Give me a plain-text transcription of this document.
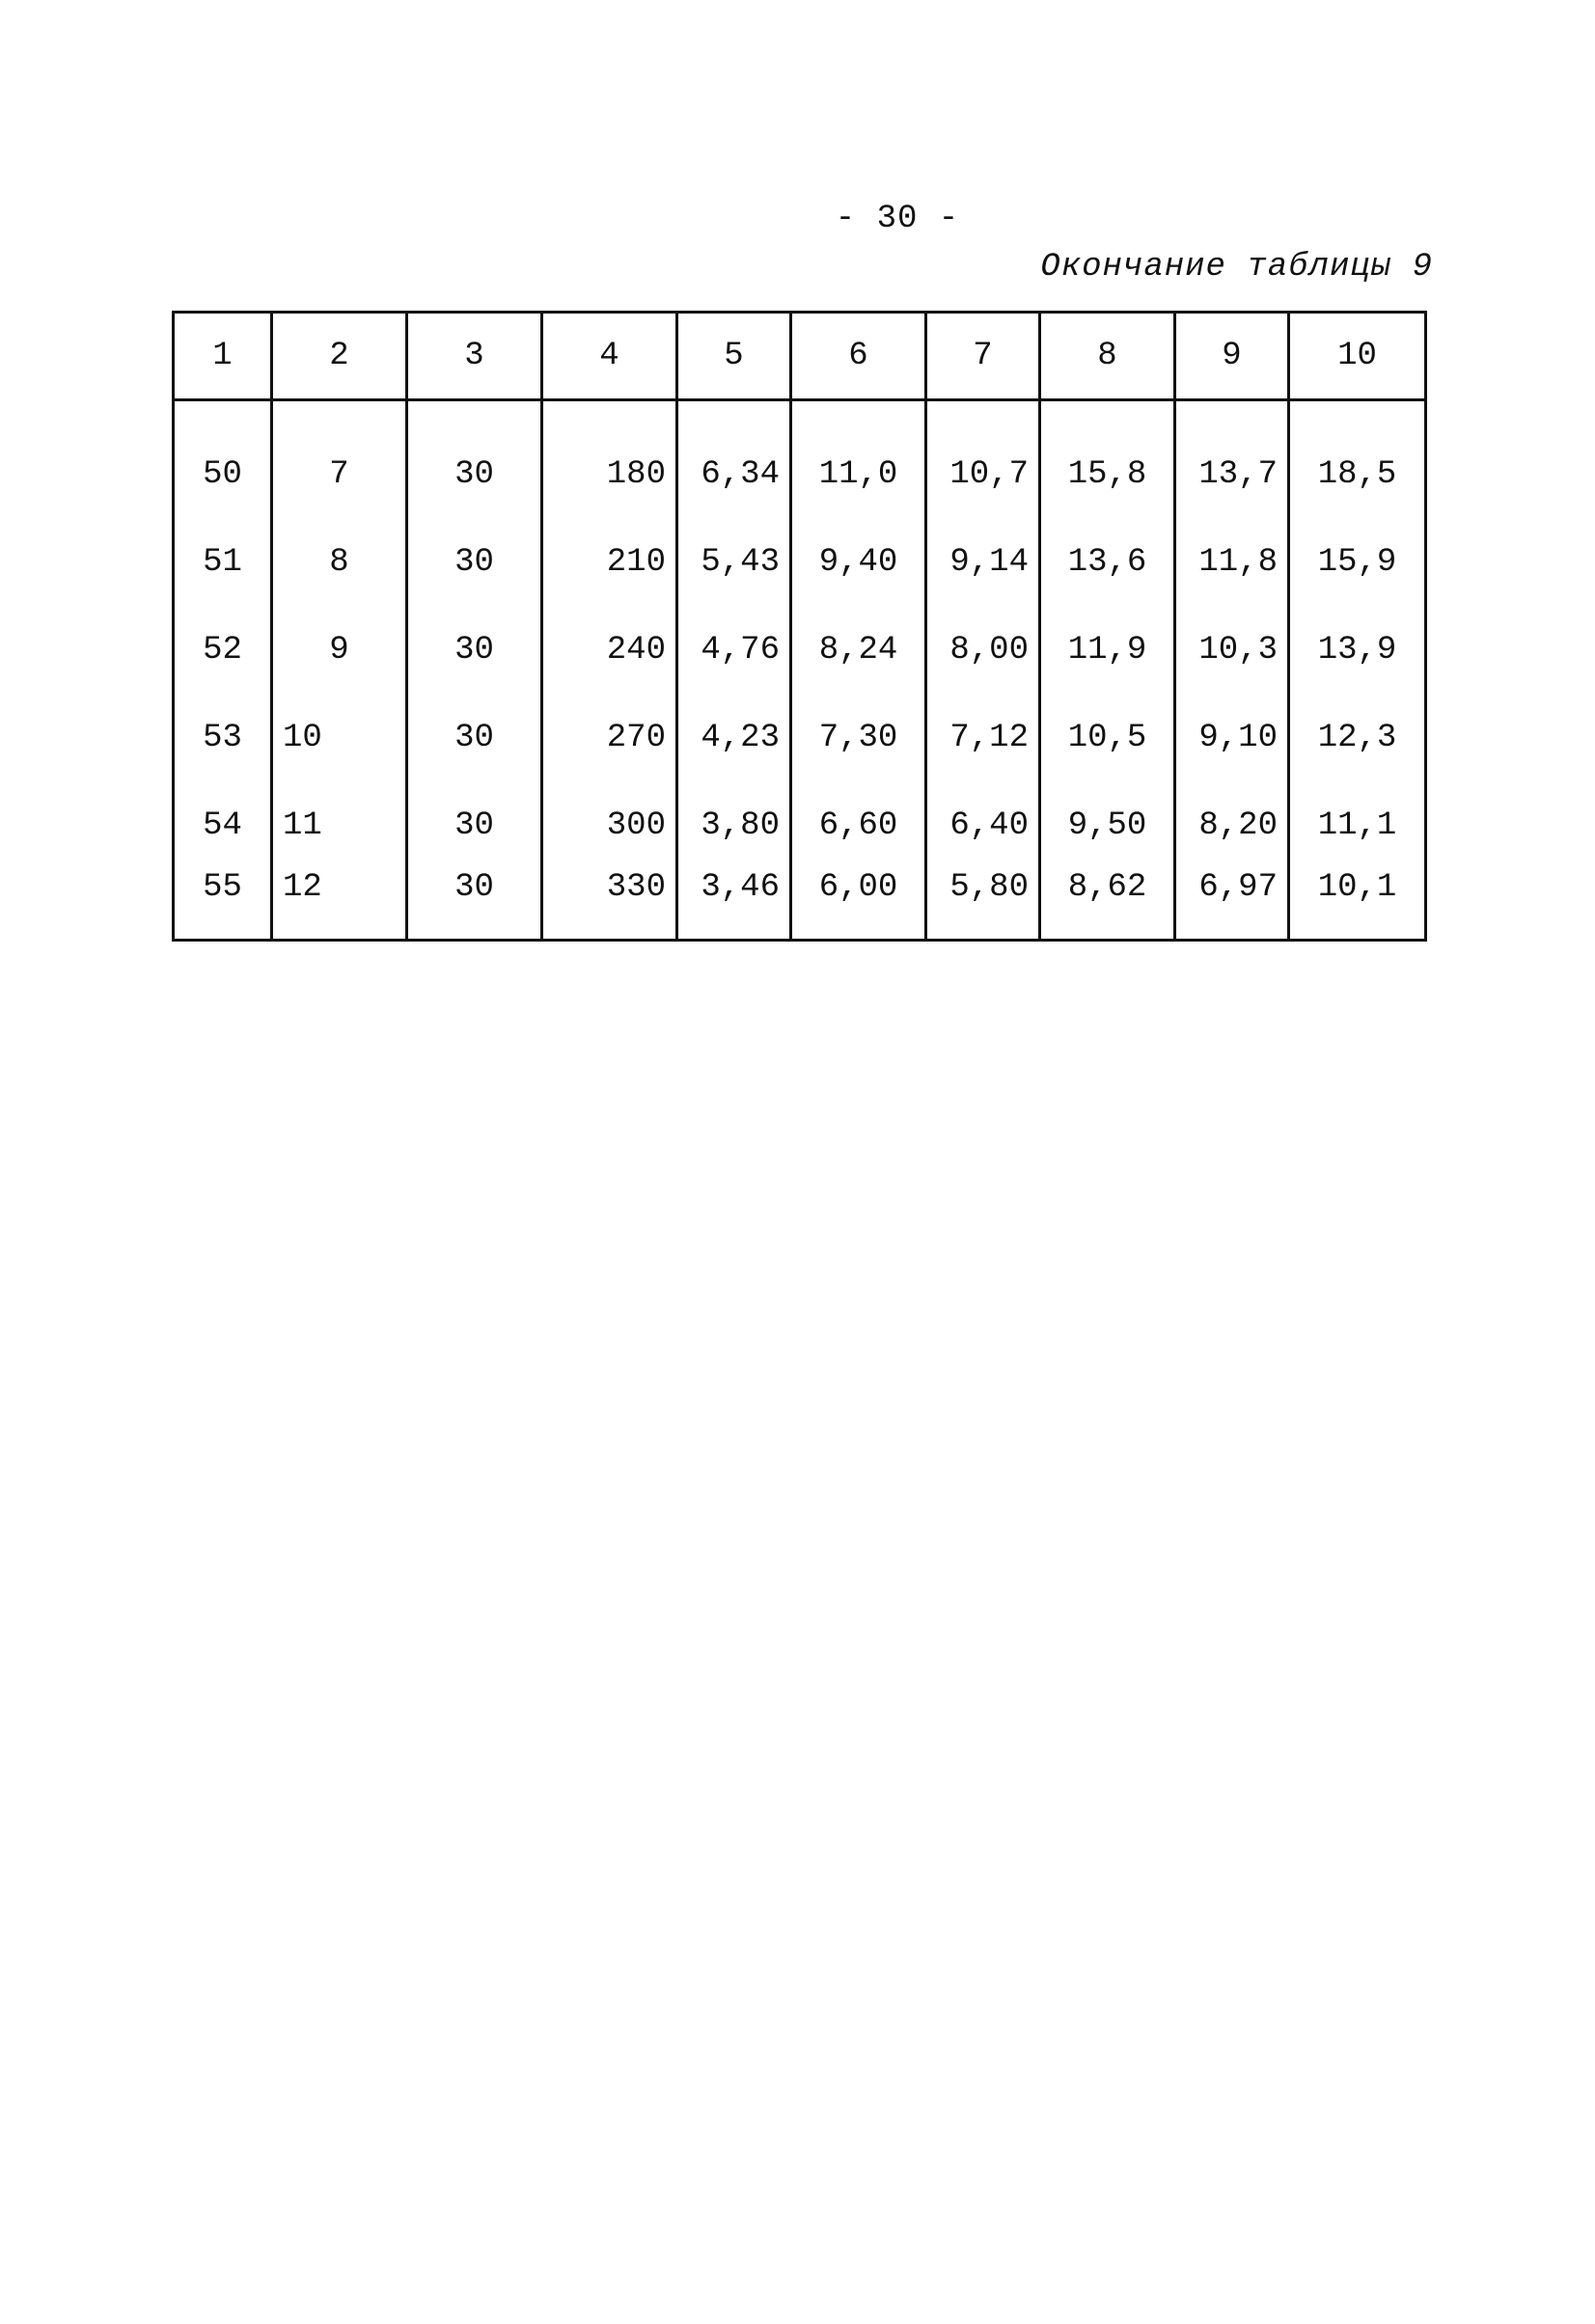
- 30 -
Окончание таблицы 9
1	2	3	4	5	6	7	8	9	10

50	7	30	180	6,34	11,0	10,7	15,8	13,7	18,5
51	8	30	210	5,43	9,40	9,14	13,6	11,8	15,9
52	9	30	240	4,76	8,24	8,00	11,9	10,3	13,9
53	10	30	270	4,23	7,30	7,12	10,5	9,10	12,3
54	11	30	300	3,80	6,60	6,40	9,50	8,20	11,1
55	12	30	330	3,46	6,00	5,80	8,62	6,97	10,1
